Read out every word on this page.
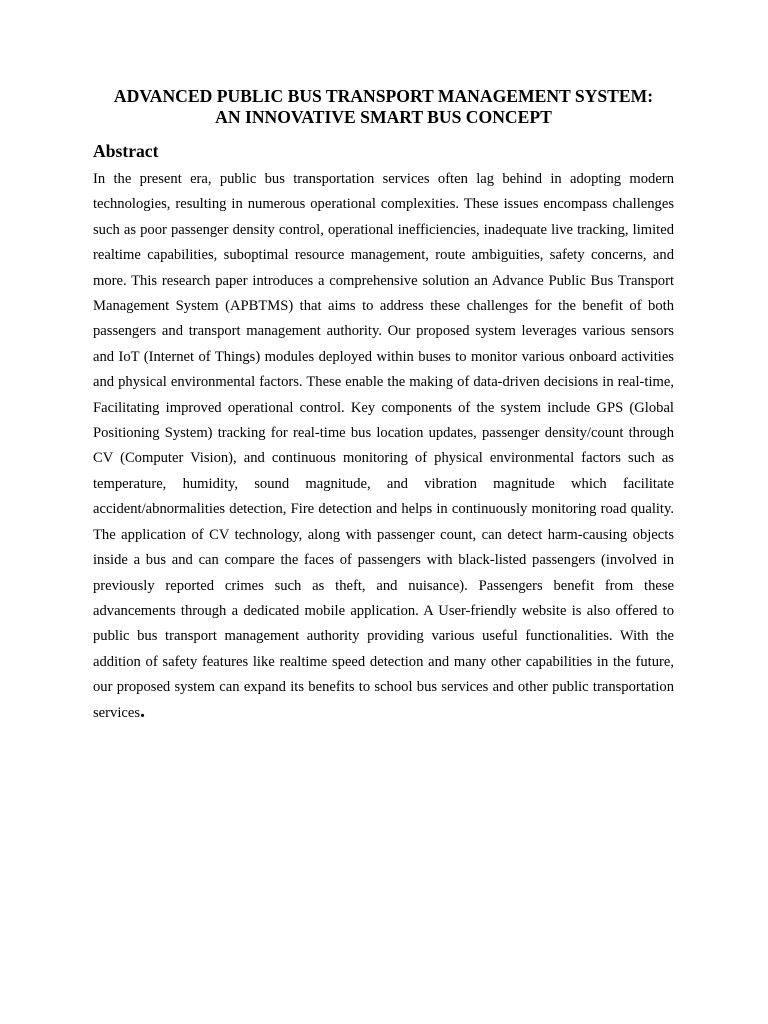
ADVANCED PUBLIC BUS TRANSPORT MANAGEMENT SYSTEM:
AN INNOVATIVE SMART BUS CONCEPT
Abstract

In the present era, public bus transportation services often lag behind in adopting modern technologies, resulting in numerous operational complexities. These issues encompass challenges such as poor passenger density control, operational inefficiencies, inadequate live tracking, limited realtime capabilities, suboptimal resource management, route ambiguities, safety concerns, and more. This research paper introduces a comprehensive solution an Advance Public Bus Transport Management System (APBTMS) that aims to address these challenges for the benefit of both passengers and transport management authority. Our proposed system leverages various sensors and IoT (Internet of Things) modules deployed within buses to monitor various onboard activities and physical environmental factors. These enable the making of data-driven decisions in real-time, Facilitating improved operational control. Key components of the system include GPS (Global Positioning System) tracking for real-time bus location updates, passenger density/count through CV (Computer Vision), and continuous monitoring of physical environmental factors such as temperature, humidity, sound magnitude, and vibration magnitude which facilitate accident/abnormalities detection, Fire detection and helps in continuously monitoring road quality. The application of CV technology, along with passenger count, can detect harm-causing objects inside a bus and can compare the faces of passengers with black-listed passengers (involved in previously reported crimes such as theft, and nuisance). Passengers benefit from these advancements through a dedicated mobile application. A User-friendly website is also offered to public bus transport management authority providing various useful functionalities. With the addition of safety features like realtime speed detection and many other capabilities in the future, our proposed system can expand its benefits to school bus services and other public transportation services.
